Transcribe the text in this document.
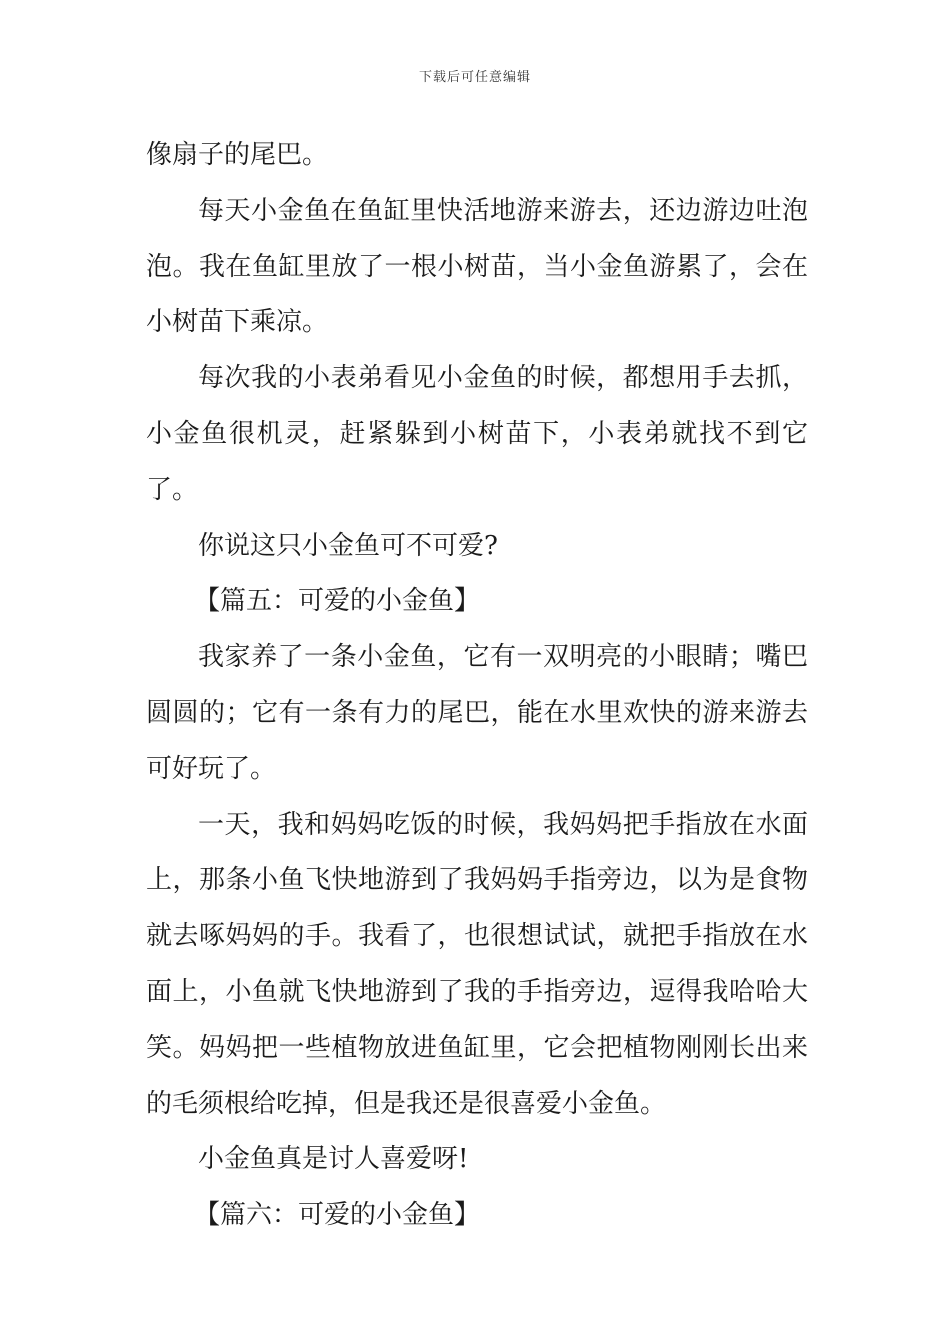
下载后可任意编辑

像扇子的尾巴。

每天小金鱼在鱼缸里快活地游来游去，还边游边吐泡泡。我在鱼缸里放了一根小树苗，当小金鱼游累了，会在小树苗下乘凉。

每次我的小表弟看见小金鱼的时候，都想用手去抓，小金鱼很机灵，赶紧躲到小树苗下，小表弟就找不到它了。

你说这只小金鱼可不可爱?

【篇五：可爱的小金鱼】

我家养了一条小金鱼，它有一双明亮的小眼睛；嘴巴圆圆的；它有一条有力的尾巴，能在水里欢快的游来游去可好玩了。

一天，我和妈妈吃饭的时候，我妈妈把手指放在水面上，那条小鱼飞快地游到了我妈妈手指旁边，以为是食物就去啄妈妈的手。我看了，也很想试试，就把手指放在水面上，小鱼就飞快地游到了我的手指旁边，逗得我哈哈大笑。妈妈把一些植物放进鱼缸里，它会把植物刚刚长出来的毛须根给吃掉，但是我还是很喜爱小金鱼。

小金鱼真是讨人喜爱呀!

【篇六：可爱的小金鱼】
